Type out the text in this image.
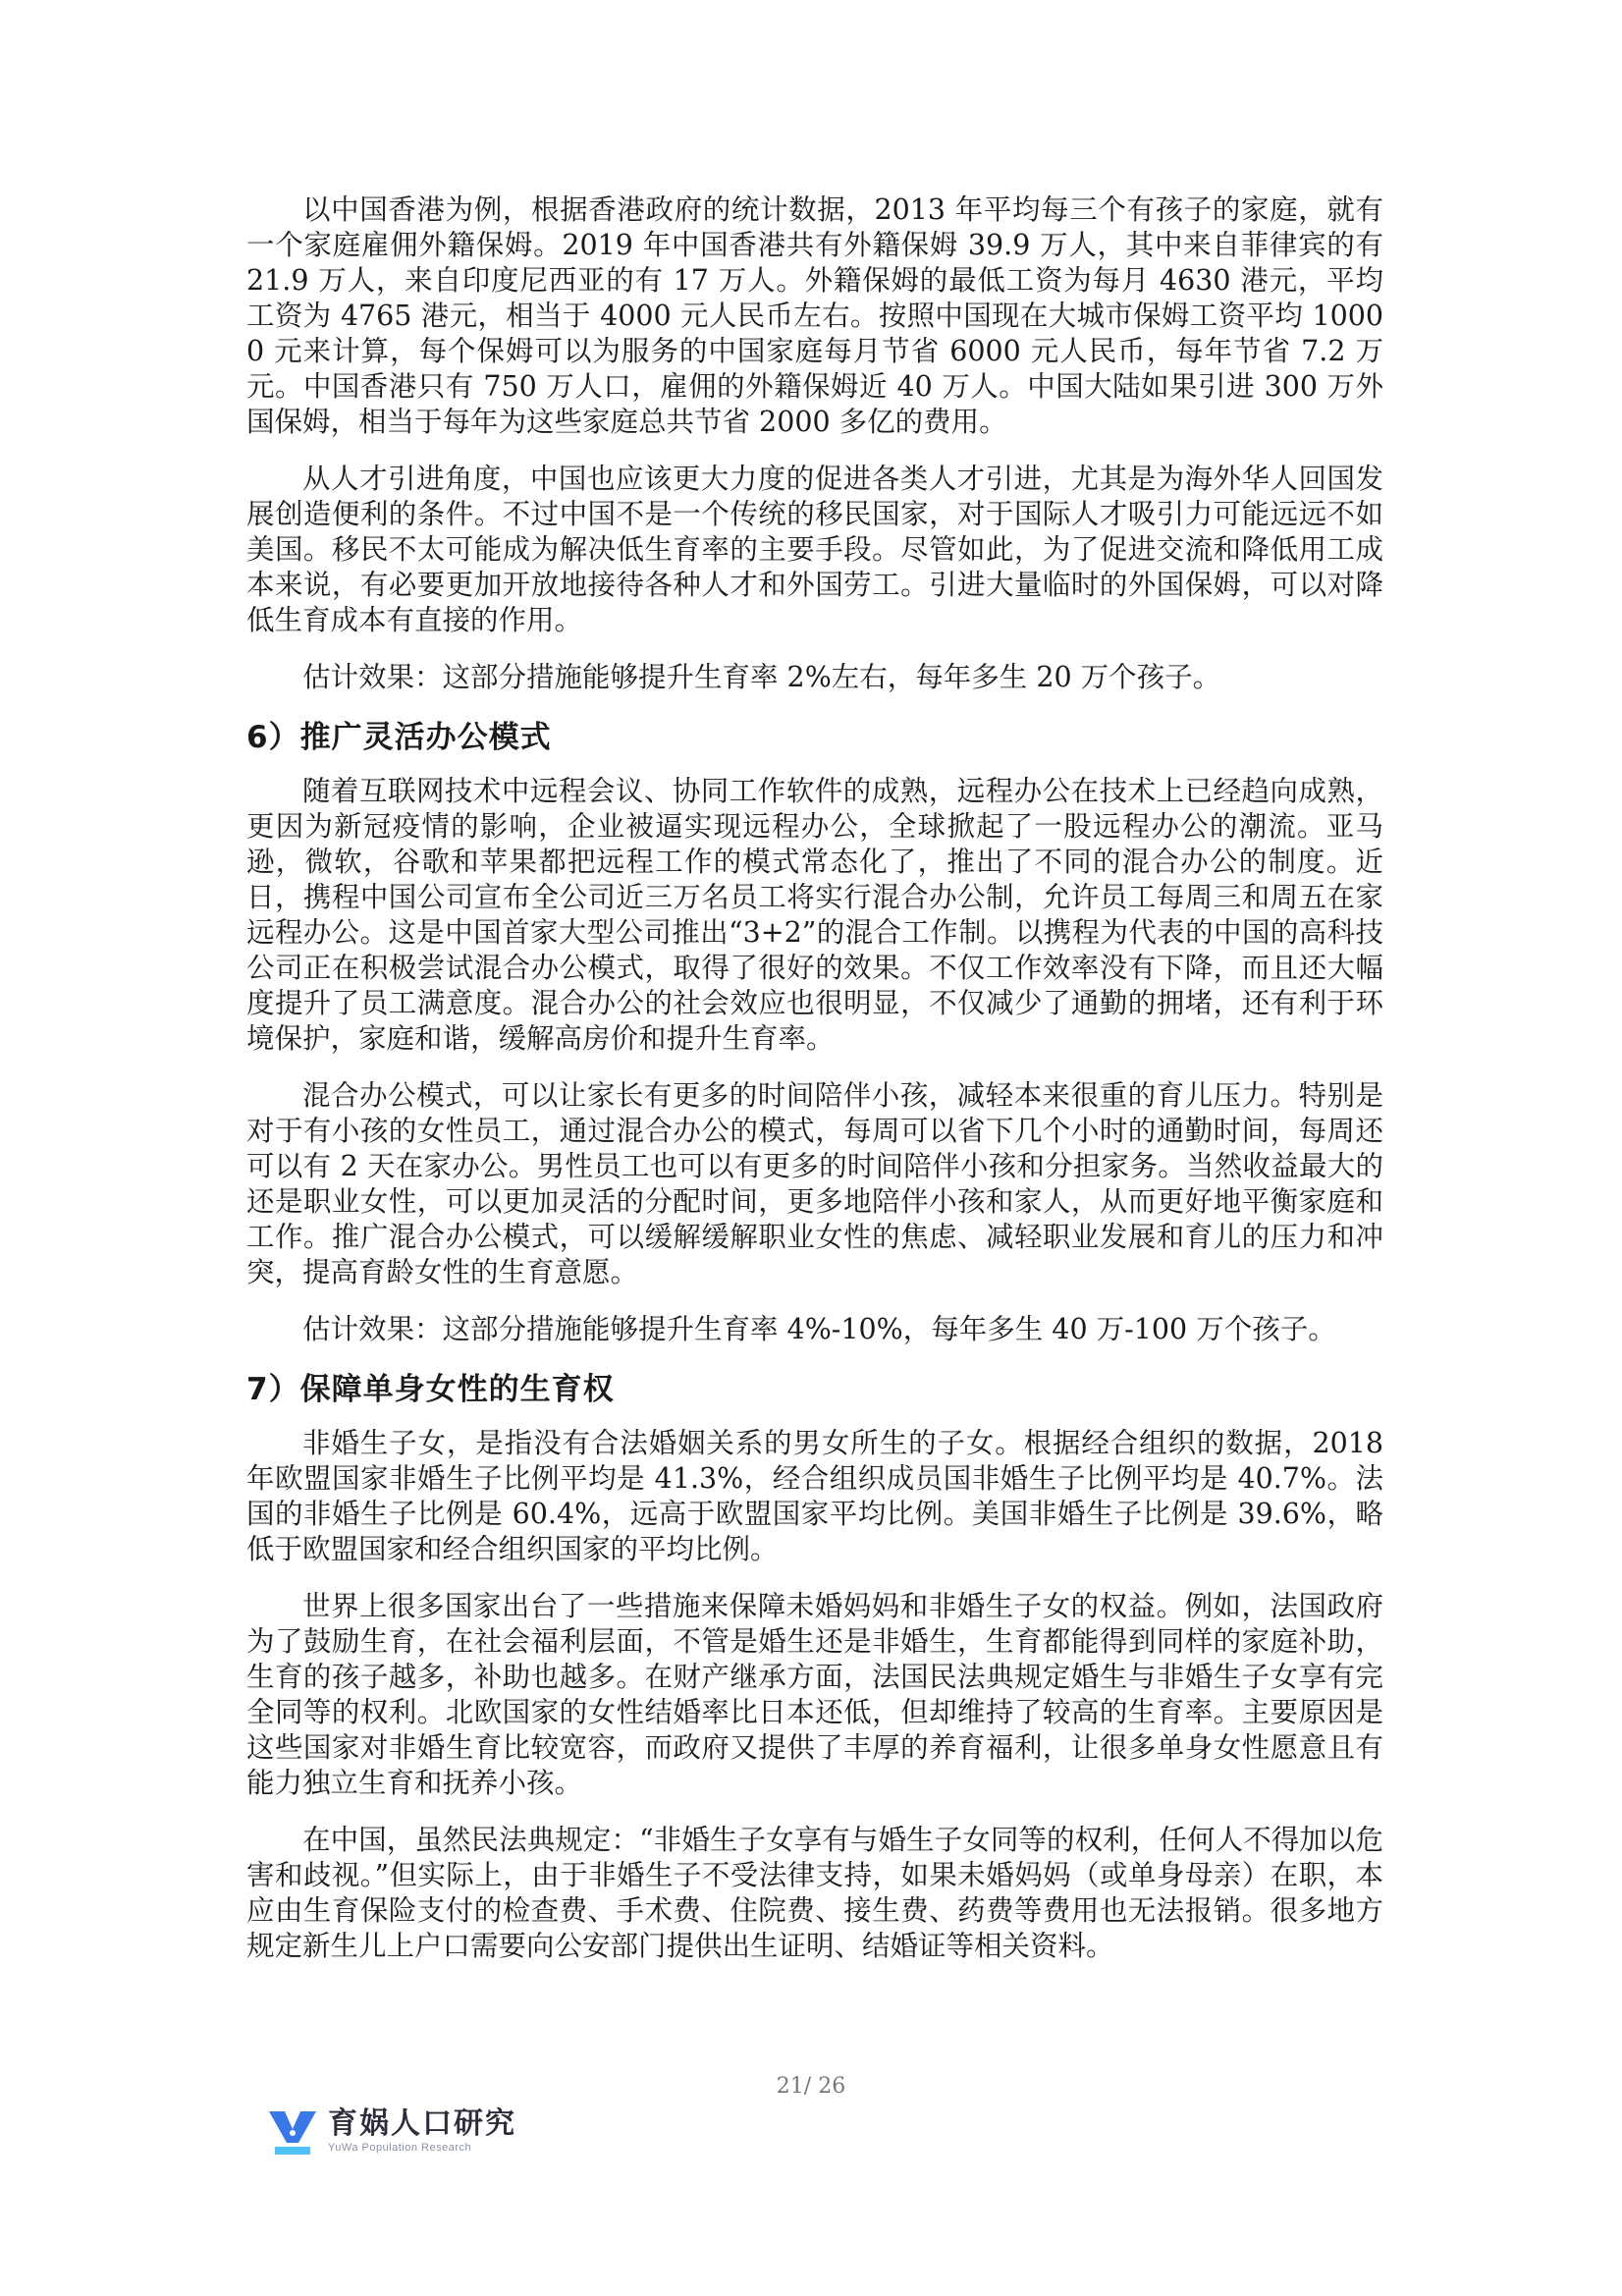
以中国香港为例，根据香港政府的统计数据，2013 年平均每三个有孩子的家庭，就有一个家庭雇佣外籍保姆。2019 年中国香港共有外籍保姆 39.9 万人，其中来自菲律宾的有 21.9 万人，来自印度尼西亚的有 17 万人。外籍保姆的最低工资为每月 4630 港元，平均工资为 4765 港元，相当于 4000 元人民币左右。按照中国现在大城市保姆工资平均 10000 元来计算，每个保姆可以为服务的中国家庭每月节省 6000 元人民币，每年节省 7.2 万元。中国香港只有 750 万人口，雇佣的外籍保姆近 40 万人。中国大陆如果引进 300 万外国保姆，相当于每年为这些家庭总共节省 2000 多亿的费用。

从人才引进角度，中国也应该更大力度的促进各类人才引进，尤其是为海外华人回国发展创造便利的条件。不过中国不是一个传统的移民国家，对于国际人才吸引力可能远远不如美国。移民不太可能成为解决低生育率的主要手段。尽管如此，为了促进交流和降低用工成本来说，有必要更加开放地接待各种人才和外国劳工。引进大量临时的外国保姆，可以对降低生育成本有直接的作用。

估计效果：这部分措施能够提升生育率 2%左右，每年多生 20 万个孩子。

6）推广灵活办公模式

随着互联网技术中远程会议、协同工作软件的成熟，远程办公在技术上已经趋向成熟，更因为新冠疫情的影响，企业被逼实现远程办公，全球掀起了一股远程办公的潮流。亚马逊，微软，谷歌和苹果都把远程工作的模式常态化了，推出了不同的混合办公的制度。近日，携程中国公司宣布全公司近三万名员工将实行混合办公制，允许员工每周三和周五在家远程办公。这是中国首家大型公司推出“3+2”的混合工作制。以携程为代表的中国的高科技公司正在积极尝试混合办公模式，取得了很好的效果。不仅工作效率没有下降，而且还大幅度提升了员工满意度。混合办公的社会效应也很明显，不仅减少了通勤的拥堵，还有利于环境保护，家庭和谐，缓解高房价和提升生育率。

混合办公模式，可以让家长有更多的时间陪伴小孩，减轻本来很重的育儿压力。特别是对于有小孩的女性员工，通过混合办公的模式，每周可以省下几个小时的通勤时间，每周还可以有 2 天在家办公。男性员工也可以有更多的时间陪伴小孩和分担家务。当然收益最大的还是职业女性，可以更加灵活的分配时间，更多地陪伴小孩和家人，从而更好地平衡家庭和工作。推广混合办公模式，可以缓解缓解职业女性的焦虑、减轻职业发展和育儿的压力和冲突，提高育龄女性的生育意愿。

估计效果：这部分措施能够提升生育率 4%-10%，每年多生 40 万-100 万个孩子。

7）保障单身女性的生育权

非婚生子女，是指没有合法婚姻关系的男女所生的子女。根据经合组织的数据，2018 年欧盟国家非婚生子比例平均是 41.3%，经合组织成员国非婚生子比例平均是 40.7%。法国的非婚生子比例是 60.4%，远高于欧盟国家平均比例。美国非婚生子比例是 39.6%，略低于欧盟国家和经合组织国家的平均比例。

世界上很多国家出台了一些措施来保障未婚妈妈和非婚生子女的权益。例如，法国政府为了鼓励生育，在社会福利层面，不管是婚生还是非婚生，生育都能得到同样的家庭补助，生育的孩子越多，补助也越多。在财产继承方面，法国民法典规定婚生与非婚生子女享有完全同等的权利。北欧国家的女性结婚率比日本还低，但却维持了较高的生育率。主要原因是这些国家对非婚生育比较宽容，而政府又提供了丰厚的养育福利，让很多单身女性愿意且有能力独立生育和抚养小孩。

在中国，虽然民法典规定：“非婚生子女享有与婚生子女同等的权利，任何人不得加以危害和歧视。”但实际上，由于非婚生子不受法律支持，如果未婚妈妈（或单身母亲）在职，本应由生育保险支付的检查费、手术费、住院费、接生费、药费等费用也无法报销。很多地方规定新生儿上户口需要向公安部门提供出生证明、结婚证等相关资料。

21/ 26
育娲人口研究
YuWa Population Research
